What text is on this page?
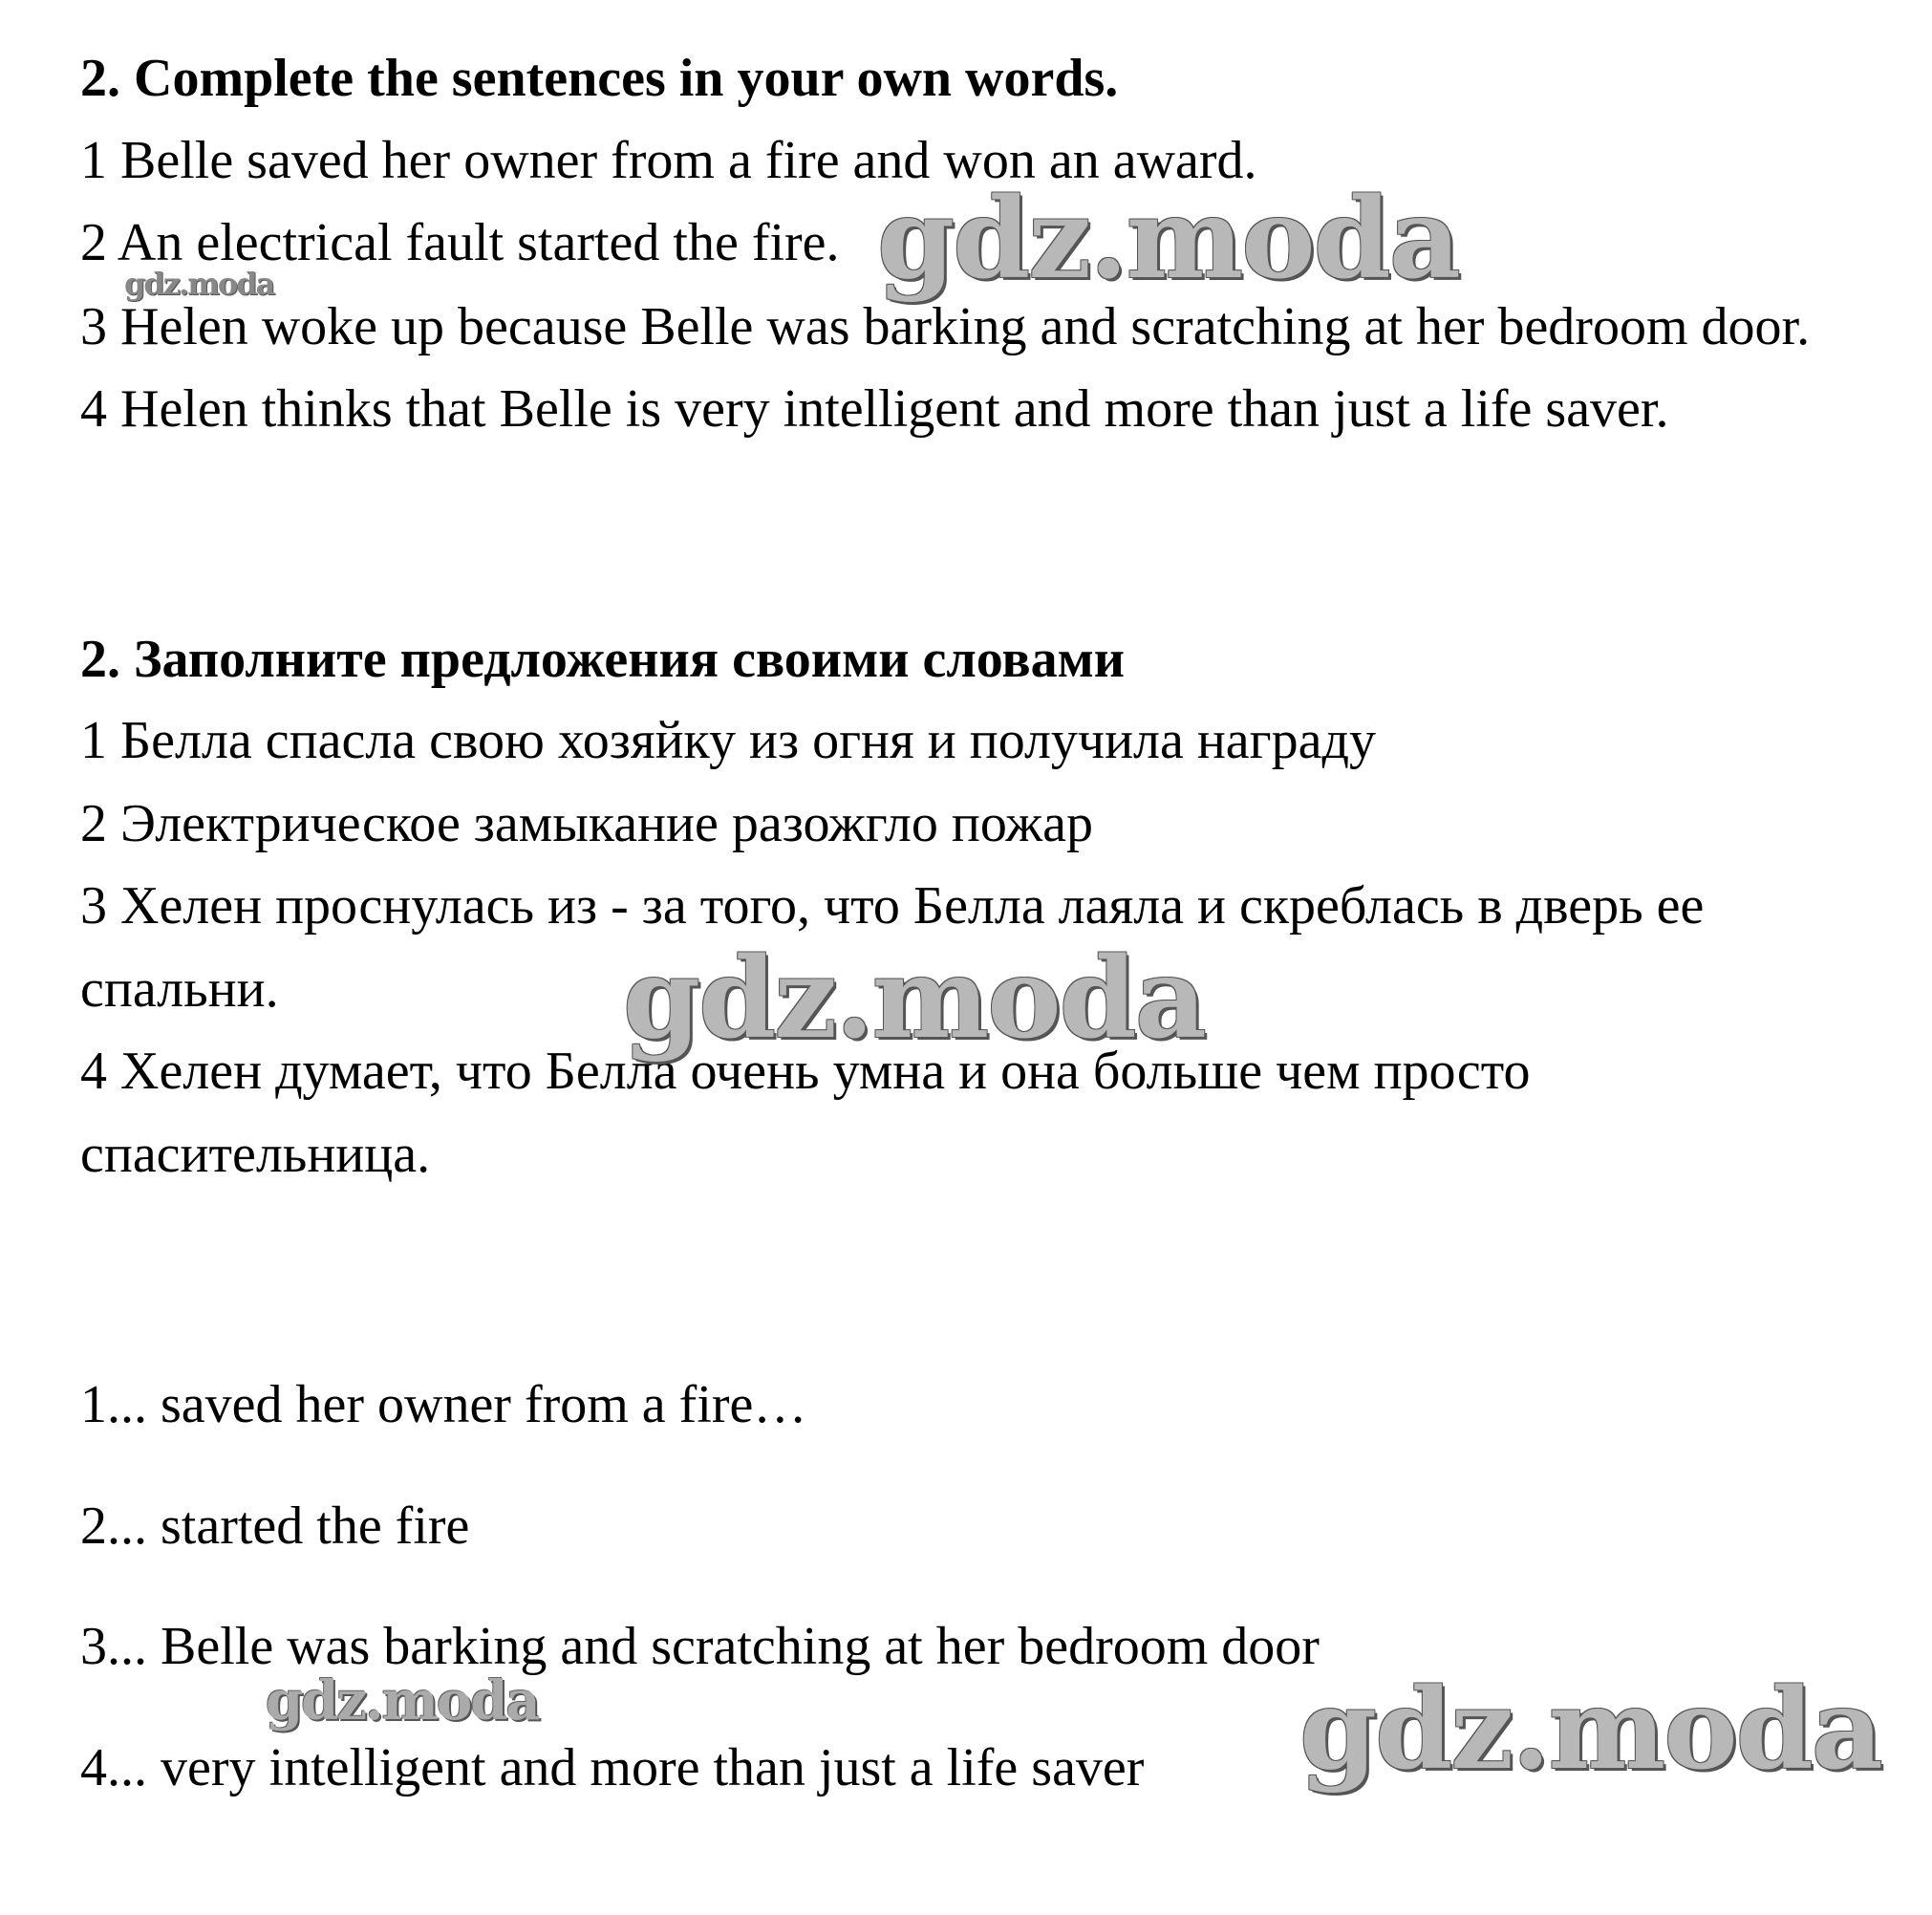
2. Complete the sentences in your own words.
1 Belle saved her owner from a fire and won an award.
2 An electrical fault started the fire.
3 Helen woke up because Belle was barking and scratching at her bedroom door.
4 Helen thinks that Belle is very intelligent and more than just a life saver.
2. Заполните предложения своими словами
1 Белла спасла свою хозяйку из огня и получила награду
2 Электрическое замыкание разожгло пожар
3 Хелен проснулась из - за того, что Белла лаяла и скреблась в дверь ее
спальни.
4 Хелен думает, что Белла очень умна и она больше чем просто
спасительница.
1... saved her owner from a fire…
2... started the fire
3... Belle was barking and scratching at her bedroom door
4... very intelligent and more than just a life saver
gdz.moda
gdz.moda
gdz.moda
gdz.moda	gdz.moda
